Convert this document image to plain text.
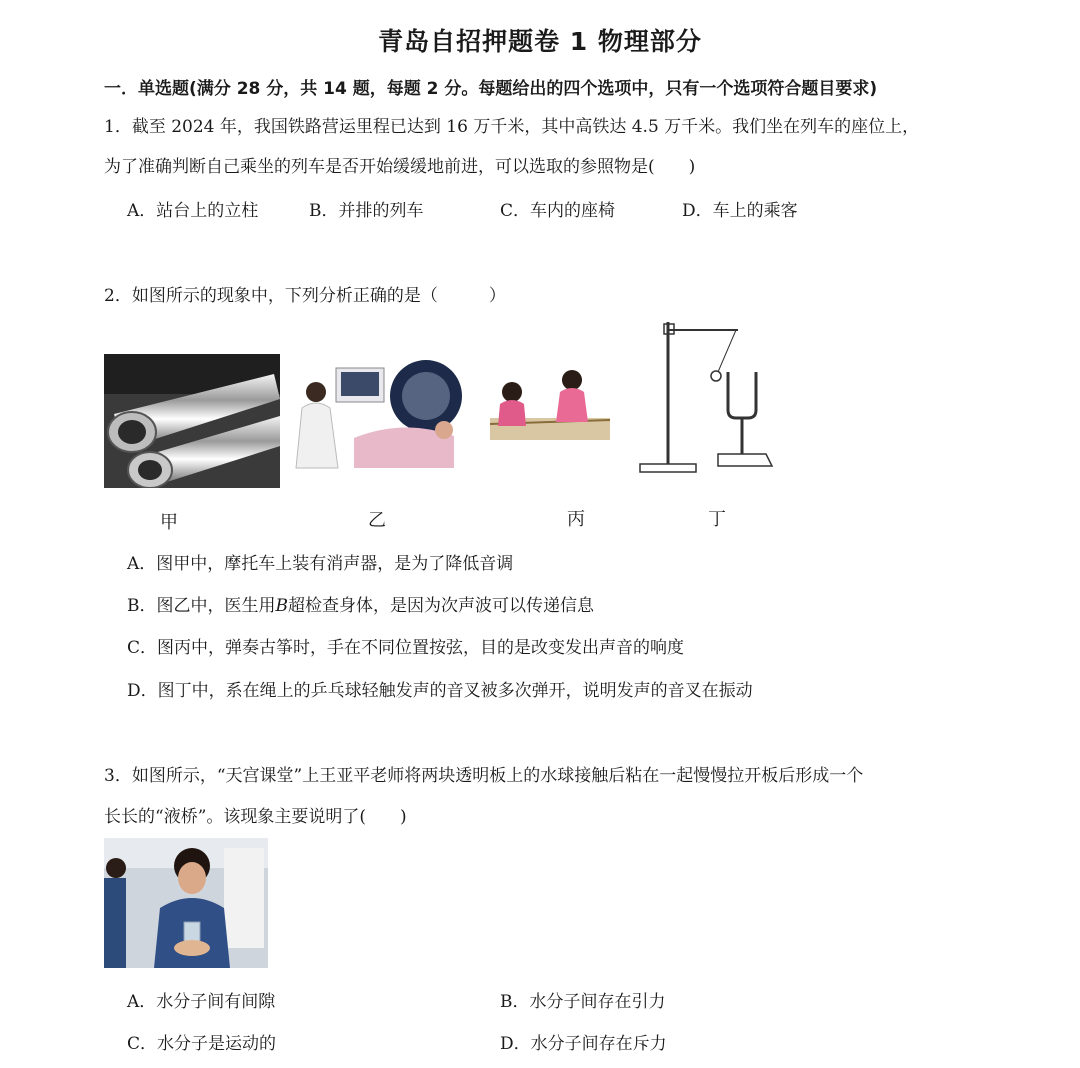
青岛自招押题卷 1 物理部分
一．单选题(满分 28 分，共 14 题，每题 2 分。每题给出的四个选项中，只有一个选项符合题目要求)
1．截至 2024 年，我国铁路营运里程已达到 16 万千米，其中高铁达 4.5 万千米。我们坐在列车的座位上，
为了准确判断自己乘坐的列车是否开始缓缓地前进，可以选取的参照物是(　　)
A．站台上的立柱	B．并排的列车	C．车内的座椅	D．车上的乘客
2．如图所示的现象中，下列分析正确的是（　　　）
甲	乙	丙	丁
A．图甲中，摩托车上装有消声器，是为了降低音调
B．图乙中，医生用B超检查身体，是因为次声波可以传递信息
C．图丙中，弹奏古筝时，手在不同位置按弦，目的是改变发出声音的响度
D．图丁中，系在绳上的乒乓球轻触发声的音叉被多次弹开，说明发声的音叉在振动
3．如图所示，“天宫课堂”上王亚平老师将两块透明板上的水球接触后粘在一起慢慢拉开板后形成一个
长长的“液桥”。该现象主要说明了(　　)
A．水分子间有间隙	B．水分子间存在引力
C．水分子是运动的	D．水分子间存在斥力
